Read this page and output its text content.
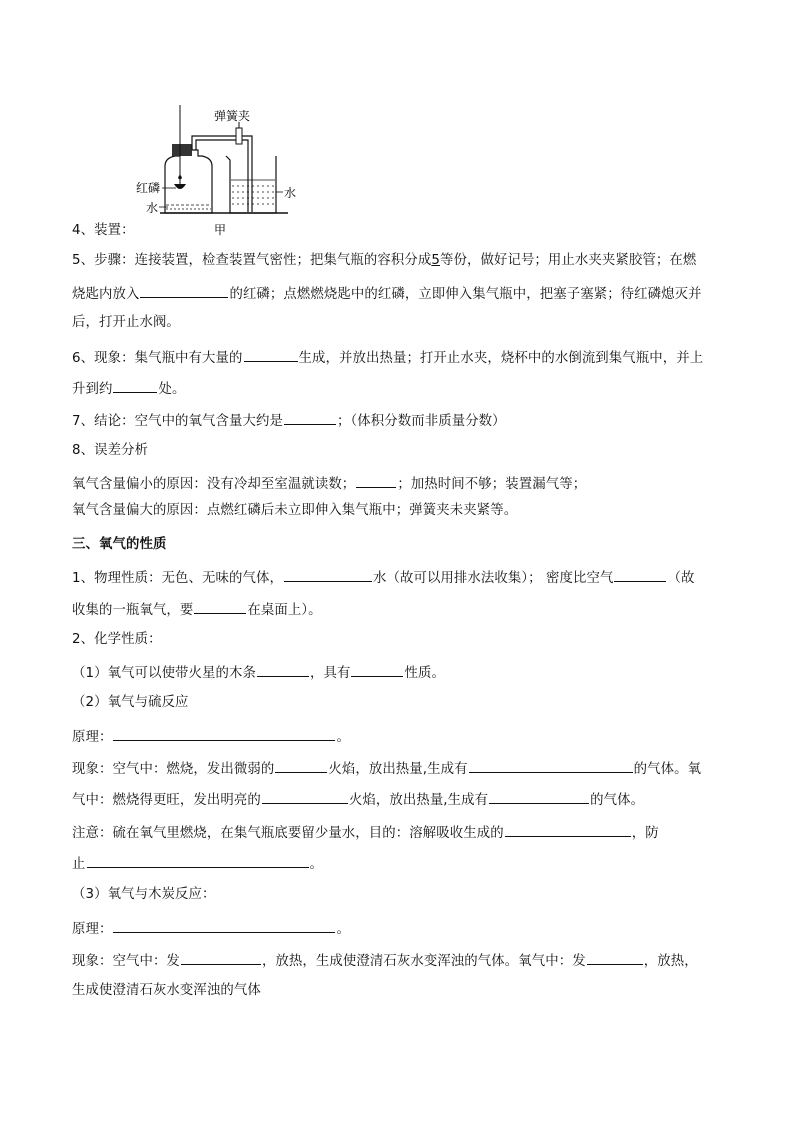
弹簧夹
红磷
水
水
甲
4、装置：
5、步骤：连接装置，检查装置气密性；把集气瓶的容积分成5等份，做好记号；用止水夹夹紧胶管；在燃
烧匙内放入	的红磷；点燃燃烧匙中的红磷，立即伸入集气瓶中，把塞子塞紧；待红磷熄灭并
后，打开止水阀。
6、现象：集气瓶中有大量的	生成，并放出热量；打开止水夹，烧杯中的水倒流到集气瓶中，并上
升到约	处。
7、结论：空气中的氧气含量大约是	；（体积分数而非质量分数）
8、误差分析
氧气含量偏小的原因：没有冷却至室温就读数；	；加热时间不够；装置漏气等；
氧气含量偏大的原因：点燃红磷后未立即伸入集气瓶中；弹簧夹未夹紧等。
三、氧气的性质
1、物理性质：无色、无味的气体，	水（故可以用排水法收集）； 密度比空气	（故
收集的一瓶氧气，要	在桌面上）。
2、化学性质：
（1）氧气可以使带火星的木条	，具有	性质。
（2）氧气与硫反应
原理：	。
现象：空气中：燃烧，发出微弱的	火焰，放出热量,生成有	的气体。氧
气中：燃烧得更旺，发出明亮的	火焰，放出热量,生成有	的气体。
注意：硫在氧气里燃烧，在集气瓶底要留少量水，目的：溶解吸收生成的	，防
止	。
（3）氧气与木炭反应：
原理：	。
现象：空气中：发	，放热，生成使澄清石灰水变浑浊的气体。氧气中：发	，放热，
生成使澄清石灰水变浑浊的气体
